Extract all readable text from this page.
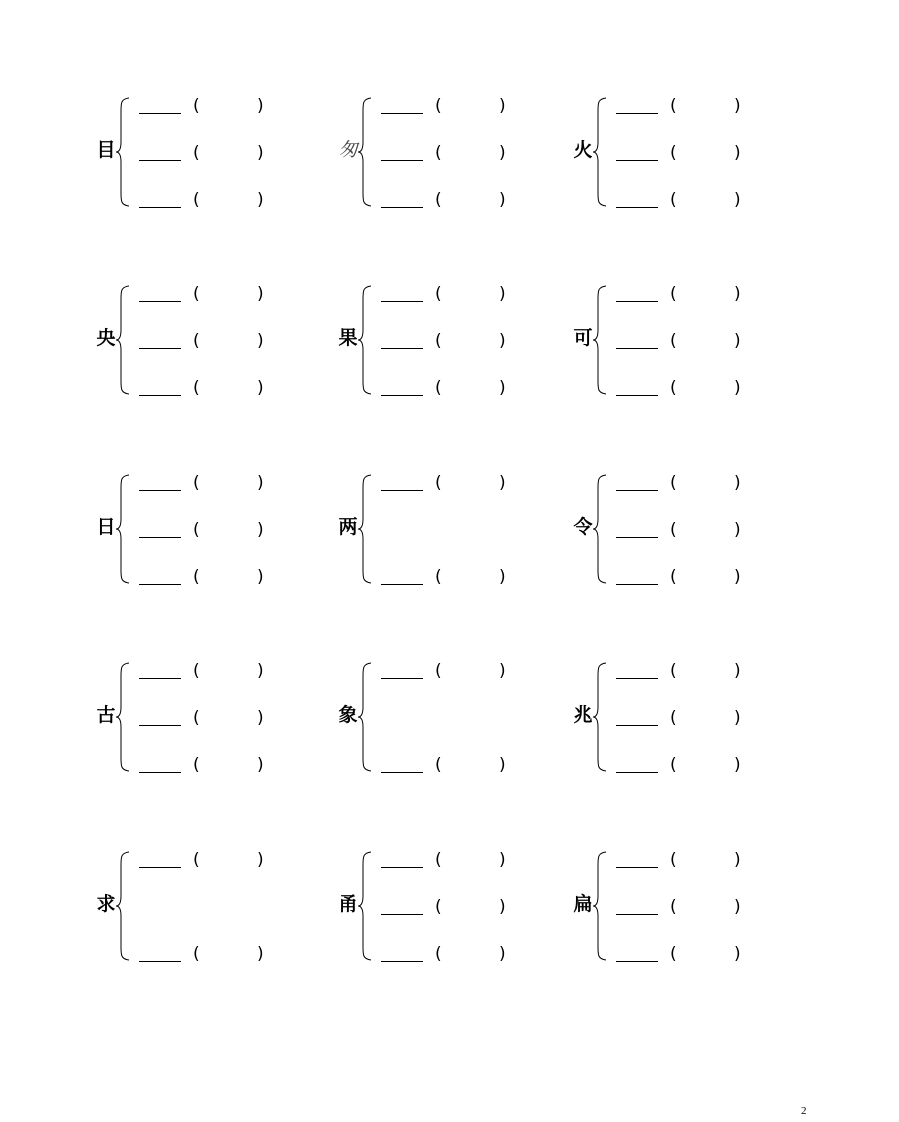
目
(	)
(	)
(	)
匆
(	)
(	)
(	)
火
(	)
(	)
(	)
央
(	)
(	)
(	)
果
(	)
(	)
(	)
可
(	)
(	)
(	)
日
(	)
(	)
(	)
两
(	)
(	)
令
(	)
(	)
(	)
古
(	)
(	)
(	)
象
(	)
(	)
兆
(	)
(	)
(	)
求
(	)
(	)
甬
(	)
(	)
(	)
扁
(	)
(	)
(	)
2
